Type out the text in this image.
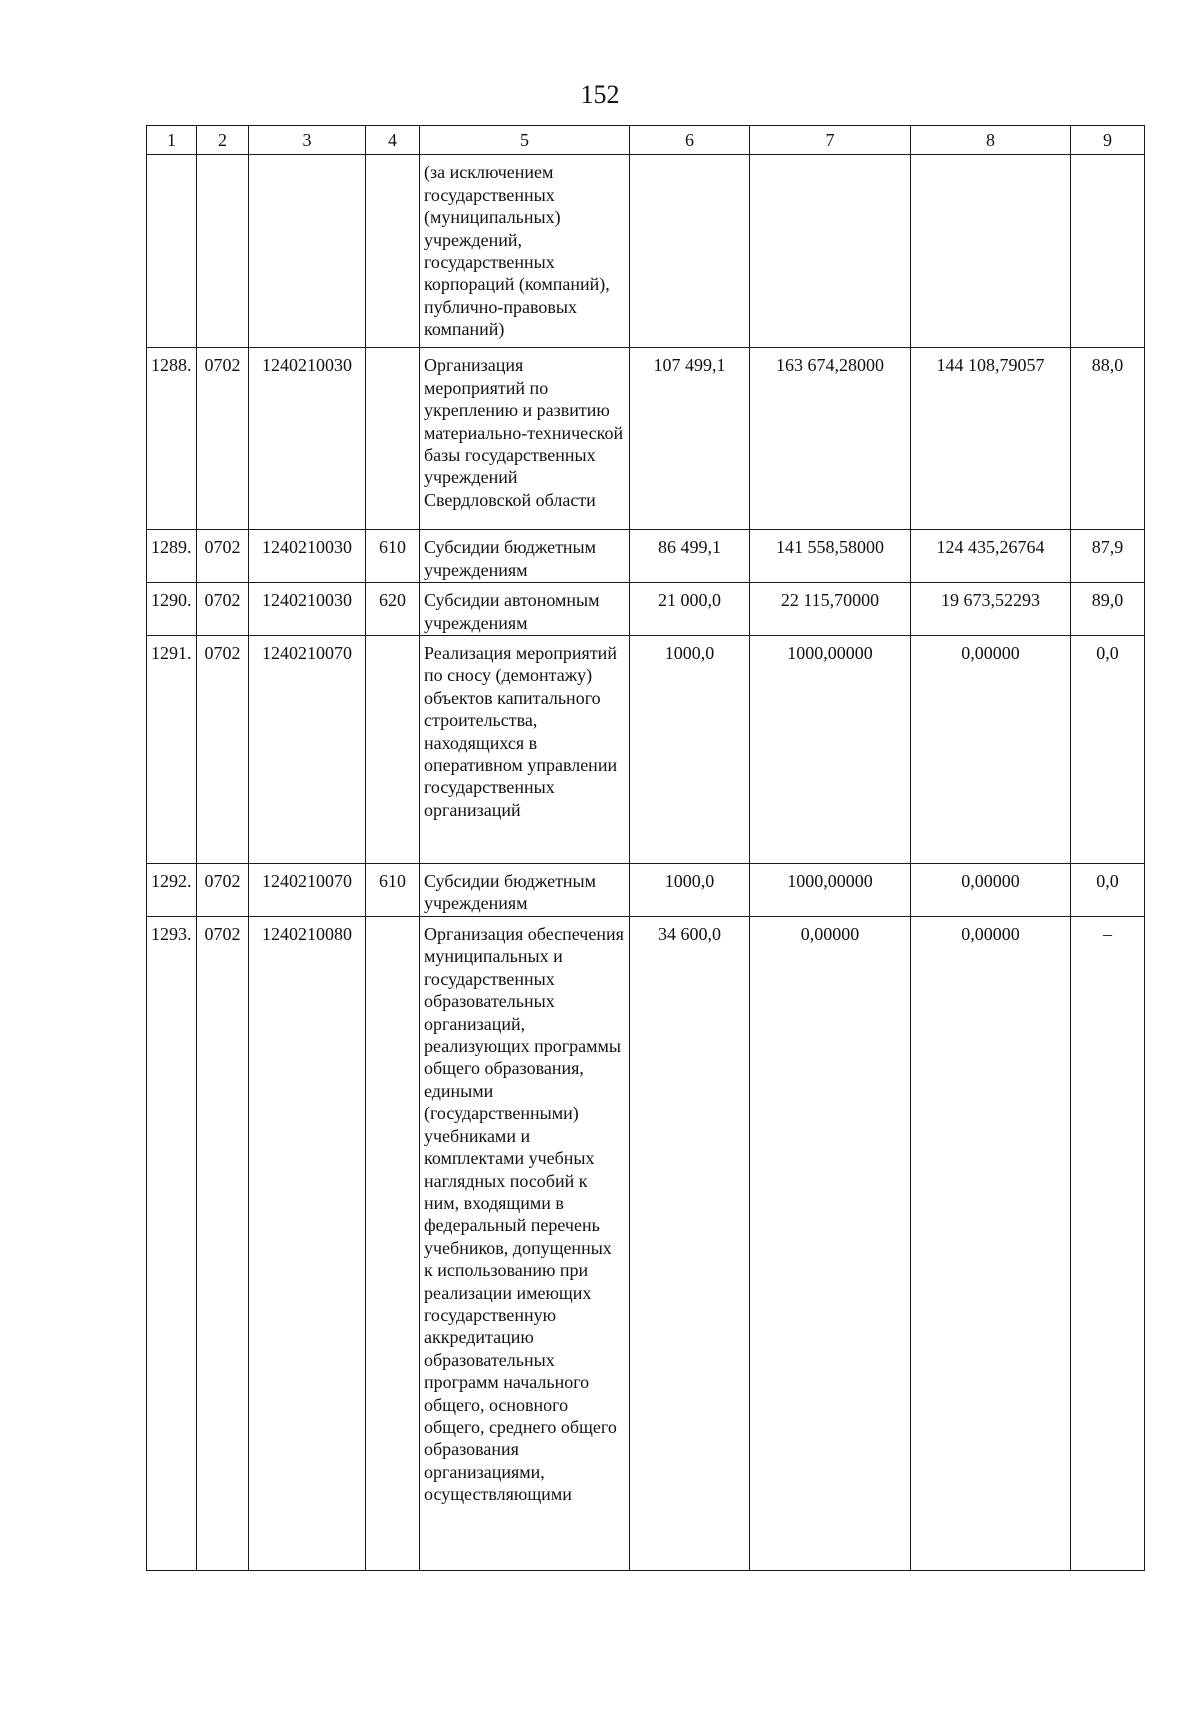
152
1	2	3	4	5	6	7	8	9
				(за исключением государственных (муниципальных) учреждений, государственных корпораций (компаний), публично-правовых компаний)				
1288.	0702	1240210030		Организация мероприятий по укреплению и развитию материально-технической базы государственных учреждений Свердловской области	107 499,1	163 674,28000	144 108,79057	88,0
1289.	0702	1240210030	610	Субсидии бюджетным учреждениям	86 499,1	141 558,58000	124 435,26764	87,9
1290.	0702	1240210030	620	Субсидии автономным учреждениям	21 000,0	22 115,70000	19 673,52293	89,0
1291.	0702	1240210070		Реализация мероприятий по сносу (демонтажу) объектов капитального строительства, находящихся в оперативном управлении государственных организаций	1000,0	1000,00000	0,00000	0,0
1292.	0702	1240210070	610	Субсидии бюджетным учреждениям	1000,0	1000,00000	0,00000	0,0
1293.	0702	1240210080		Организация обеспечения муниципальных и государственных образовательных организаций, реализующих программы общего образования, едиными (государственными) учебниками и комплектами учебных наглядных пособий к ним, входящими в федеральный перечень учебников, допущенных к использованию при реализации имеющих государственную аккредитацию образовательных программ начального общего, основного общего, среднего общего образования организациями, осуществляющими	34 600,0	0,00000	0,00000	–
